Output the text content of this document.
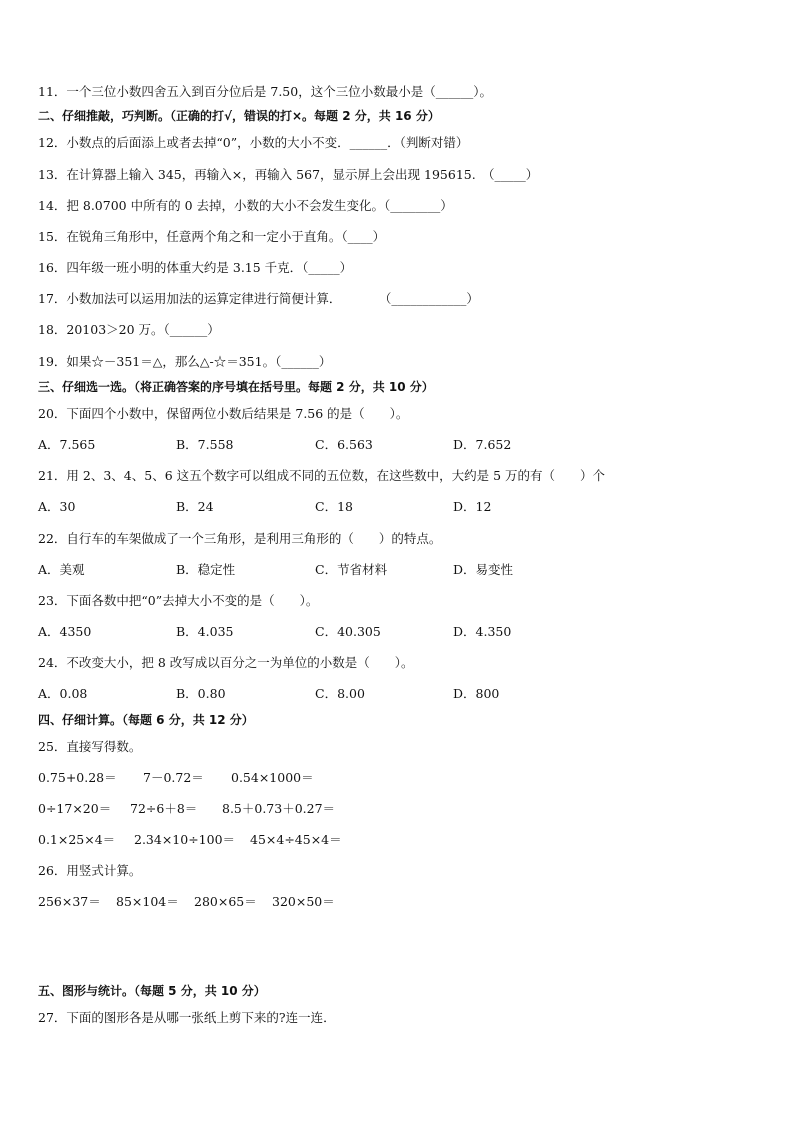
11．一个三位小数四舍五入到百分位后是 7.50，这个三位小数最小是（______）。
二、仔细推敲，巧判断。（正确的打√，错误的打×。每题 2 分，共 16 分）
12．小数点的后面添上或者去掉“0”，小数的大小不变．______．（判断对错）
13．在计算器上输入 345，再输入×，再输入 567，显示屏上会出现 195615.　（_____）
14．把 8.0700 中所有的 0 去掉，小数的大小不会发生变化。（________）
15．在锐角三角形中，任意两个角之和一定小于直角。（____）
16．四年级一班小明的体重大约是 3.15 千克．（_____）
17．小数加法可以运用加法的运算定律进行简便计算．　　　　（____________）
18．20103＞20 万。（______）
19．如果☆－351＝△，那么△-☆＝351。（______）
三、仔细选一选。（将正确答案的序号填在括号里。每题 2 分，共 10 分）
20．下面四个小数中，保留两位小数后结果是 7.56 的是（　　）。
A．7.565	B．7.558	C．6.563	D．7.652
21．用 2、3、4、5、6 这五个数字可以组成不同的五位数，在这些数中，大约是 5 万的有（　　）个
A．30	B．24	C．18	D．12
22．自行车的车架做成了一个三角形，是利用三角形的（　　）的特点。
A．美观	B．稳定性	C．节省材料	D．易变性
23．下面各数中把“0”去掉大小不变的是（　　）。
A．4350	B．4.035	C．40.305	D．4.350
24．不改变大小，把 8 改写成以百分之一为单位的小数是（　　）。
A．0.08	B．0.80	C．8.00	D．800
四、仔细计算。（每题 6 分，共 12 分）
25．直接写得数。
0.75+0.28＝ 7－0.72＝ 0.54×1000＝
0÷17×20＝ 72÷6＋8＝ 8.5＋0.73＋0.27＝
0.1×25×4＝ 2.34×10÷100＝ 45×4÷45×4＝
26．用竖式计算。
256×37＝ 85×104＝ 280×65＝ 320×50＝
五、图形与统计。（每题 5 分，共 10 分）
27．下面的图形各是从哪一张纸上剪下来的?连一连．
